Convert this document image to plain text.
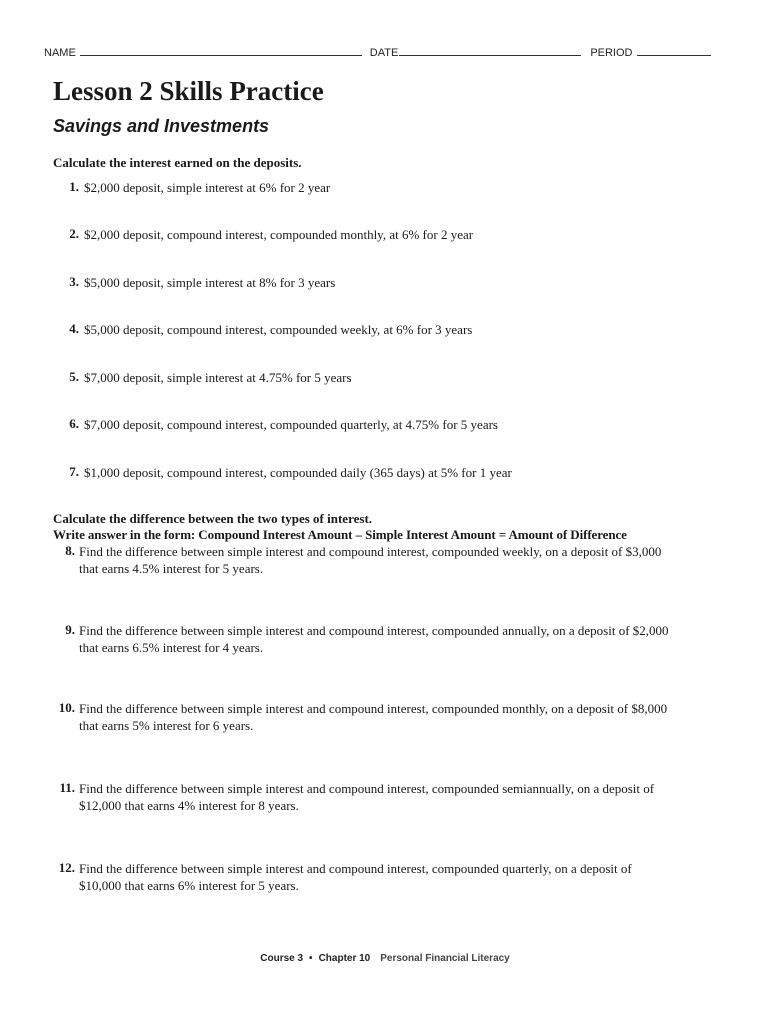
NAME	DATE	PERIOD
Lesson 2 Skills Practice
Savings and Investments
Calculate the interest earned on the deposits.
1. $2,000 deposit, simple interest at 6% for 2 year
2. $2,000 deposit, compound interest, compounded monthly, at 6% for 2 year
3. $5,000 deposit, simple interest at 8% for 3 years
4. $5,000 deposit, compound interest, compounded weekly, at 6% for 3 years
5. $7,000 deposit, simple interest at 4.75% for 5 years
6. $7,000 deposit, compound interest, compounded quarterly, at 4.75% for 5 years
7. $1,000 deposit, compound interest, compounded daily (365 days) at 5% for 1 year
Calculate the difference between the two types of interest.
Write answer in the form: Compound Interest Amount – Simple Interest Amount = Amount of Difference
8. Find the difference between simple interest and compound interest, compounded weekly, on a deposit of $3,000 that earns 4.5% interest for 5 years.
9. Find the difference between simple interest and compound interest, compounded annually, on a deposit of $2,000 that earns 6.5% interest for 4 years.
10. Find the difference between simple interest and compound interest, compounded monthly, on a deposit of $8,000 that earns 5% interest for 6 years.
11. Find the difference between simple interest and compound interest, compounded semiannually, on a deposit of $12,000 that earns 4% interest for 8 years.
12. Find the difference between simple interest and compound interest, compounded quarterly, on a deposit of $10,000 that earns 6% interest for 5 years.
Course 3 • Chapter 10 Personal Financial Literacy
